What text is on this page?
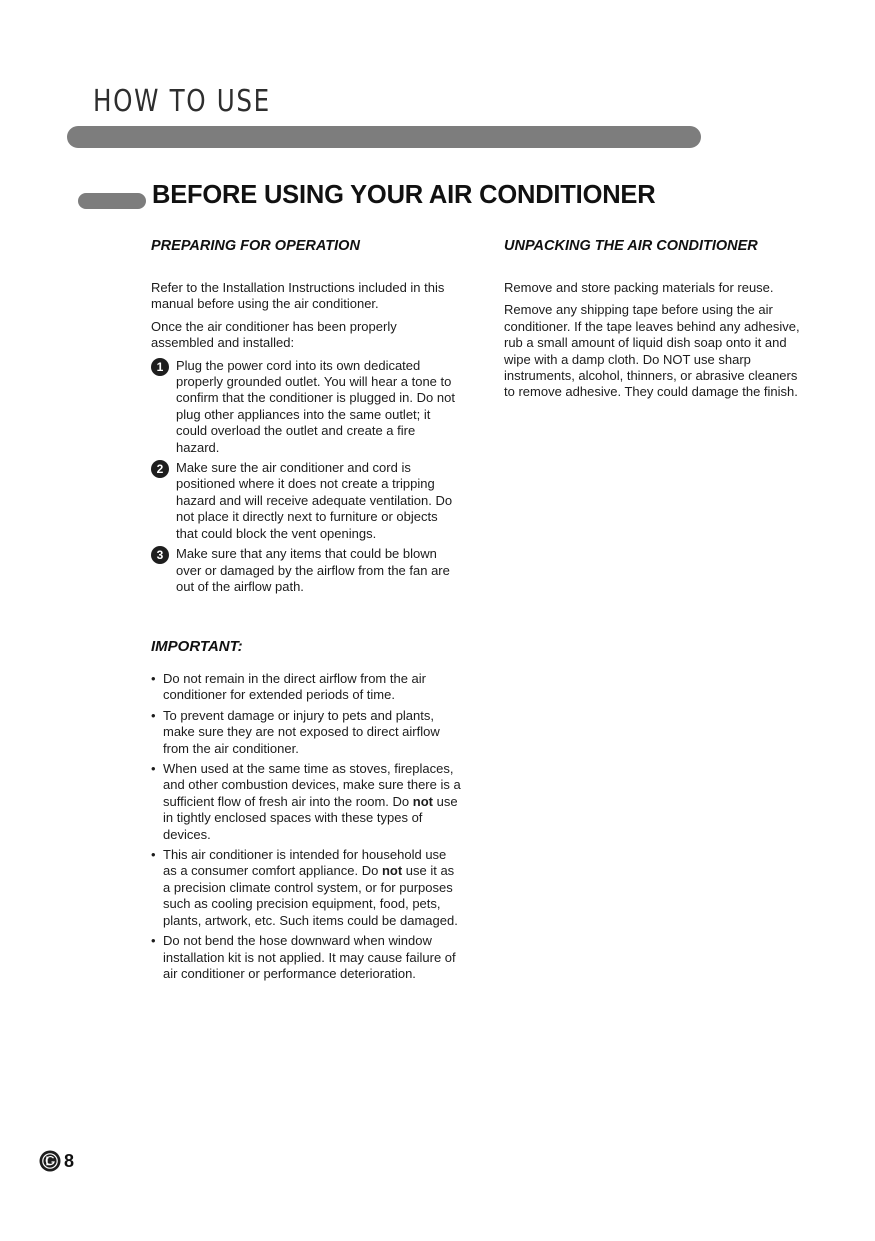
HOW TO USE
BEFORE USING YOUR AIR CONDITIONER
PREPARING FOR OPERATION

Refer to the Installation Instructions included in this manual before using the air conditioner.

Once the air conditioner has been properly assembled and installed:

1 Plug the power cord into its own dedicated properly grounded outlet. You will hear a tone to confirm that the conditioner is plugged in. Do not plug other appliances into the same outlet; it could overload the outlet and create a fire hazard.
2 Make sure the air conditioner and cord is positioned where it does not create a tripping hazard and will receive adequate ventilation. Do not place it directly next to furniture or objects that could block the vent openings.
3 Make sure that any items that could be blown over or damaged by the airflow from the fan are out of the airflow path.
IMPORTANT:
• Do not remain in the direct airflow from the air conditioner for extended periods of time.
• To prevent damage or injury to pets and plants, make sure they are not exposed to direct airflow from the air conditioner.
• When used at the same time as stoves, fireplaces, and other combustion devices, make sure there is a sufficient flow of fresh air into the room. Do not use in tightly enclosed spaces with these types of devices.
• This air conditioner is intended for household use as a consumer comfort appliance. Do not use it as a precision climate control system, or for purposes such as cooling precision equipment, food, pets, plants, artwork, etc. Such items could be damaged.
• Do not bend the hose downward when window installation kit is not applied. It may cause failure of air conditioner or performance deterioration.
UNPACKING THE AIR CONDITIONER

Remove and store packing materials for reuse.

Remove any shipping tape before using the air conditioner. If the tape leaves behind any adhesive, rub a small amount of liquid dish soap onto it and wipe with a damp cloth. Do NOT use sharp instruments, alcohol, thinners, or abrasive cleaners to remove adhesive. They could damage the finish.

8
